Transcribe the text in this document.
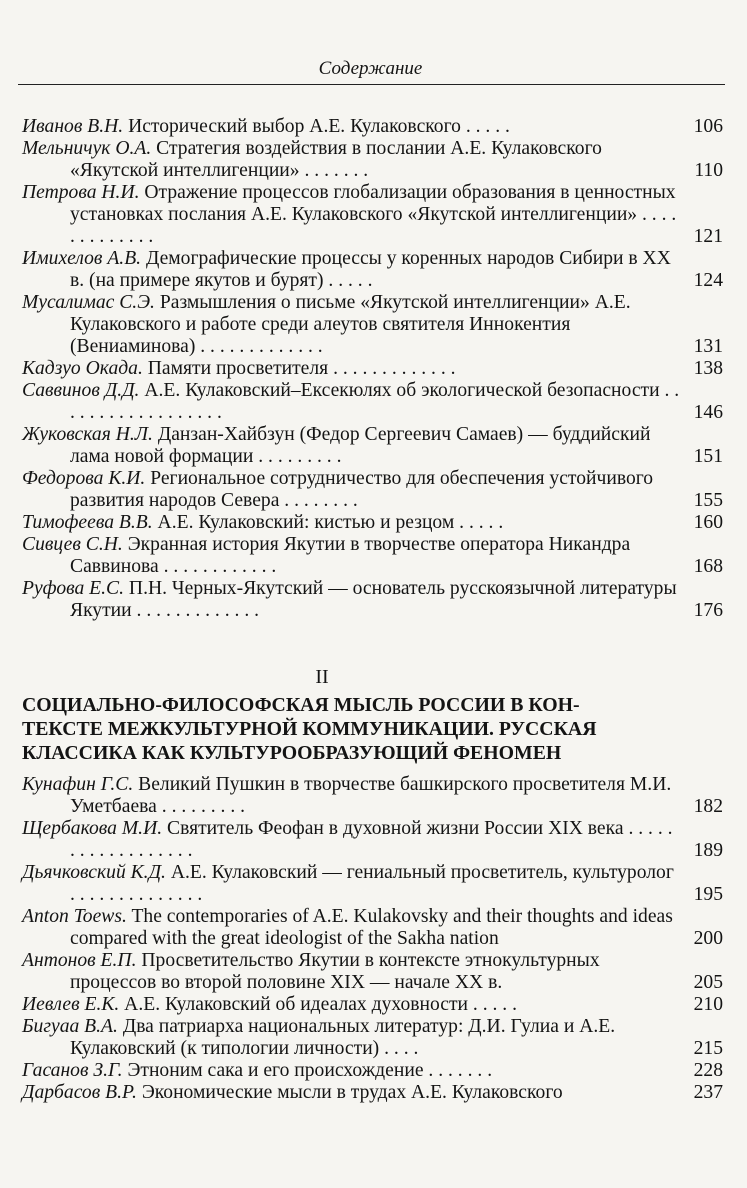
Содержание
Иванов В.Н. Исторический выбор А.Е. Кулаковского . . . . .	106
Мельничук О.А. Стратегия воздействия в послании А.Е. Кулаковского «Якутской интеллигенции» . . . . . . .	110
Петрова Н.И. Отражение процессов глобализации образования в ценностных установках послания А.Е. Кулаковского «Якутской интеллигенции» . . . . . . . . . . . . .	121
Имихелов А.В. Демографические процессы у коренных народов Сибири в XX в. (на примере якутов и бурят) . . . . .	124
Мусалимас С.Э. Размышления о письме «Якутской интеллигенции» А.Е. Кулаковского и работе среди алеутов святителя Иннокентия (Вениаминова) . . . . . . . . . . . . .	131
Кадзуо Окада. Памяти просветителя . . . . . . . . . . . . .	138
Саввинов Д.Д. А.Е. Кулаковский–Ексекюлях об экологической безопасности . . . . . . . . . . . . . . . . . .	146
Жуковская Н.Л. Данзан-Хайбзун (Федор Сергеевич Самаев) — буддийский лама новой формации . . . . . . . . .	151
Федорова К.И. Региональное сотрудничество для обеспечения устойчивого развития народов Севера . . . . . . . .	155
Тимофеева В.В. А.Е. Кулаковский: кистью и резцом . . . . .	160
Сивцев С.Н. Экранная история Якутии в творчестве оператора Никандра Саввинова . . . . . . . . . . . .	168
Руфова Е.С. П.Н. Черных-Якутский — основатель русскоязычной литературы Якутии . . . . . . . . . . . . .	176
II
СОЦИАЛЬНО-ФИЛОСОФСКАЯ МЫСЛЬ РОССИИ В КОН-
ТЕКСТЕ МЕЖКУЛЬТУРНОЙ КОММУНИКАЦИИ. РУССКАЯ
КЛАССИКА КАК КУЛЬТУРООБРАЗУЮЩИЙ ФЕНОМЕН
Кунафин Г.С. Великий Пушкин в творчестве башкирского просветителя М.И. Уметбаева . . . . . . . . .	182
Щербакова М.И. Святитель Феофан в духовной жизни России XIX века . . . . . . . . . . . . . . . . . .	189
Дьячковский К.Д. А.Е. Кулаковский — гениальный просветитель, культуролог . . . . . . . . . . . . . .	195
Anton Toews. The contemporaries of A.E. Kulakovsky and their thoughts and ideas compared with the great ideologist of the Sakha nation	200
Антонов Е.П. Просветительство Якутии в контексте этнокультурных процессов во второй половине XIX — начале XX в.	205
Иевлев Е.К. А.Е. Кулаковский об идеалах духовности . . . . .	210
Бигуаа В.А. Два патриарха национальных литератур: Д.И. Гулиа и А.Е. Кулаковский (к типологии личности) . . . .	215
Гасанов З.Г. Этноним сака и его происхождение . . . . . . .	228
Дарбасов В.Р. Экономические мысли в трудах А.Е. Кулаковского	237
